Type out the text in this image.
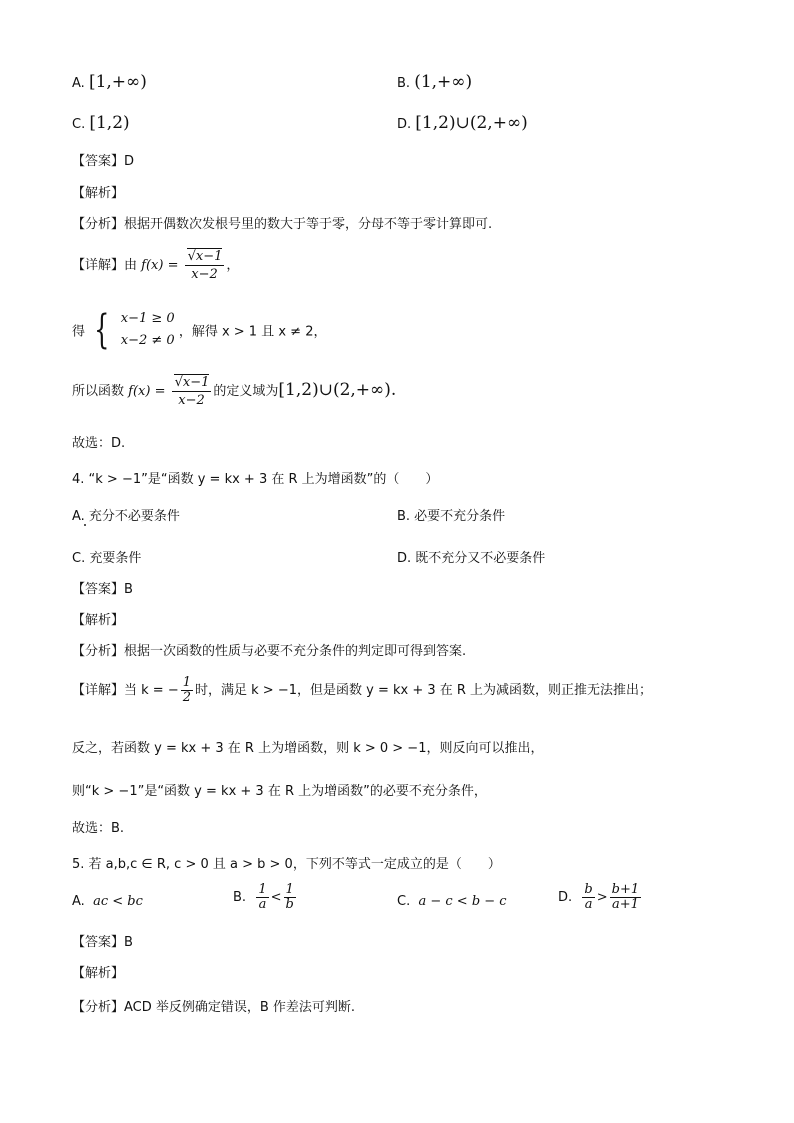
A. [1,+∞)	B. (1,+∞)
C. [1,2)	D. [1,2)∪(2,+∞)
【答案】D
【解析】
【分析】根据开偶数次发根号里的数大于等于零，分母不等于零计算即可.
【详解】由 $f(x) = \frac{√x-1}{x-2}$ ，
得 { x−1 ≥ 0
x−2 ≠ 0
，解得 x > 1 且 x ≠ 2，
所以函数 $f(x) = \frac{√x-1}{x-2}$ 的定义域为[1,2)∪(2,+∞).
故选：D.
4. “k > −1”是“函数 y = kx + 3 在 R 上为增函数”的（　　）
A. 充分不必要条件	B. 必要不充分条件
C. 充要条件	D. 既不充分又不必要条件
【答案】B
【解析】
【分析】根据一次函数的性质与必要不充分条件的判定即可得到答案.
【详解】当 k = − $\frac{1}{2}$ 时，满足 k > −1，但是函数 y = kx + 3 在 R 上为减函数，则正推无法推出；
反之，若函数 y = kx + 3 在 R 上为增函数，则 k > 0 > −1，则反向可以推出，
则“k > −1”是“函数 y = kx + 3 在 R 上为增函数”的必要不充分条件，
故选：B.
5. 若 a,b,c ∈ R, c > 0 且 a > b > 0，下列不等式一定成立的是（　　）
A. ac < bc	B. $\frac{1}{a} < \frac{1}{b}$	C. a − c < b − c	D. $\frac{b}{a} > \frac{b+1}{a+1}$
【答案】B
【解析】
【分析】ACD 举反例确定错误，B 作差法可判断.
